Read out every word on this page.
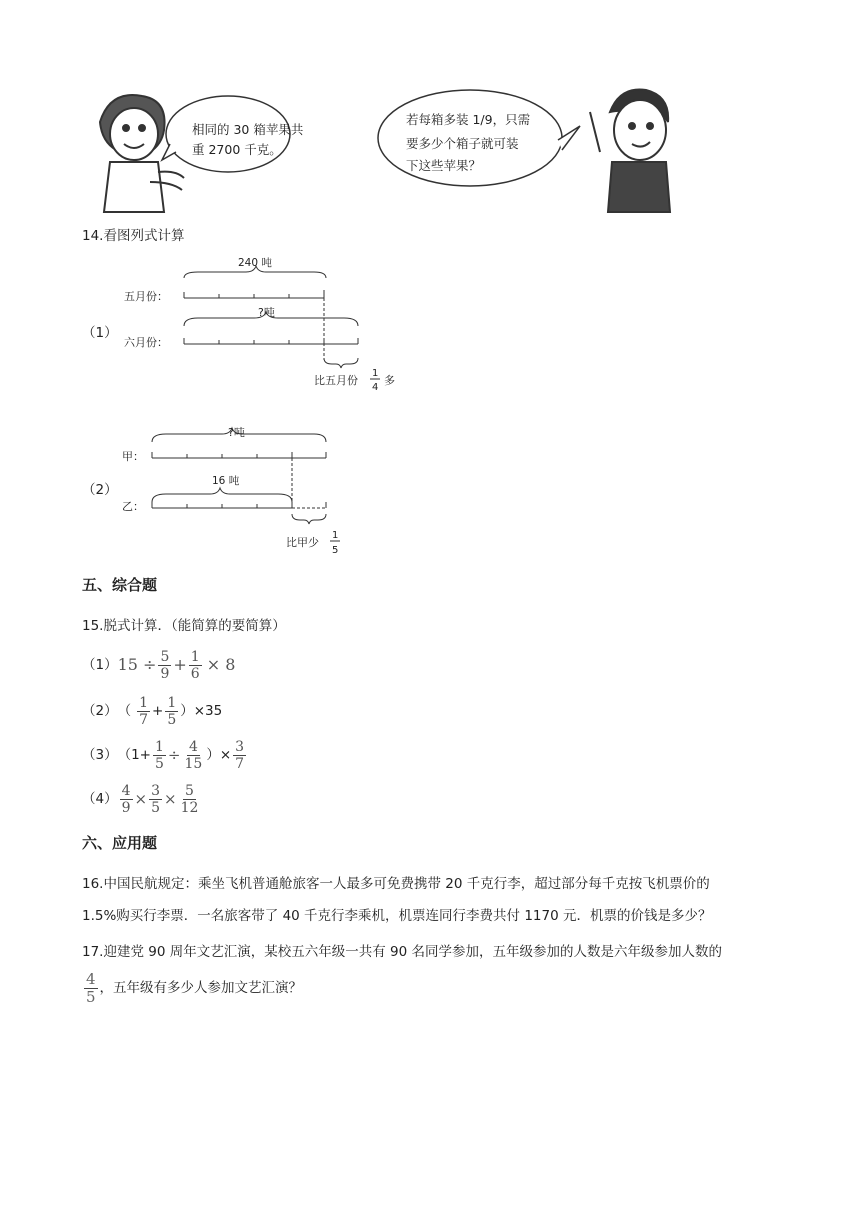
相同的 30 箱苹果共
重 2700 千克。
若每箱多装 1/9，只需
要多少个箱子就可装
下这些苹果？
14.看图列式计算
（1）
240 吨
五月份：
?吨
六月份：
比五月份
1
4
多
（2）
?吨
甲：
16 吨
乙：
比甲少
1
5
五、综合题
15.脱式计算．（能简算的要简算）
（1） $15 \div \frac{5}{9} + \frac{1}{6} \times 8$
（2） （ $\frac{1}{7} + \frac{1}{5} )\times 35$
（3） （$1+ \frac{1}{5} \div \frac{4}{15}$ ）× $\frac{3}{7}$
$(4) \frac{4}{9} \times \frac{3}{5} \times \frac{5}{12}$
六、应用题
16.中国民航规定：乘坐飞机普通舱旅客一人最多可免费携带 20 千克行李，超过部分每千克按飞机票价的
1.5%购买行李票．一名旅客带了 40 千克行李乘机，机票连同行李费共付 1170 元．机票的价钱是多少？
17.迎建党 90 周年文艺汇演，某校五六年级一共有 90 名同学参加，五年级参加的人数是六年级参加人数的
$\frac{4}{5}$ ，五年级有多少人参加文艺汇演？
